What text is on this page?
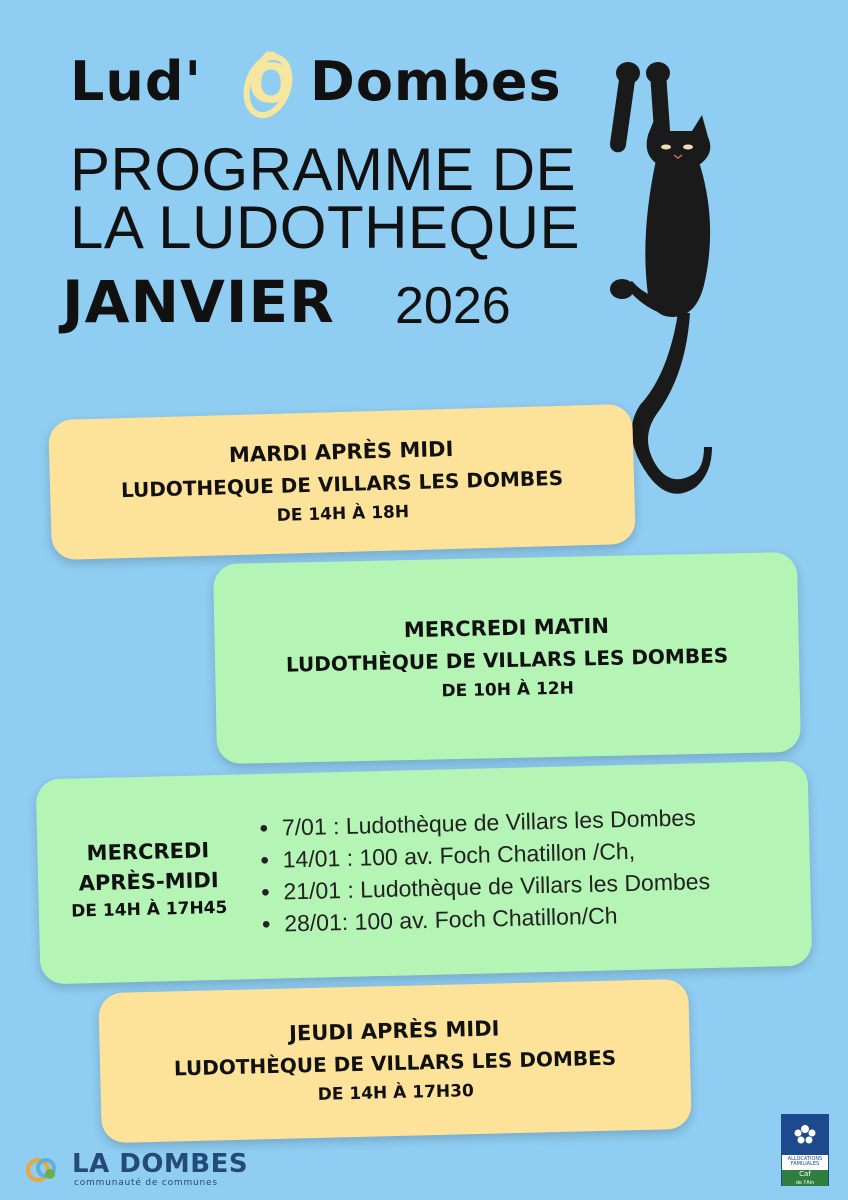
Lud' Ô Dombes
PROGRAMME DE
LA LUDOTHEQUE
JANVIER 2026
MARDI APRÈS MIDI
LUDOTHEQUE DE VILLARS LES DOMBES
DE 14H À 18H
MERCREDI MATIN
LUDOTHÈQUE DE VILLARS LES DOMBES
DE 10H À 12H
MERCREDI
APRÈS-MIDI
DE 14H À 17H45
• 7/01 : Ludothèque de Villars les Dombes
• 14/01 : 100 av. Foch Chatillon /Ch,
• 21/01 : Ludothèque de Villars les Dombes
• 28/01: 100 av. Foch Chatillon/Ch
JEUDI APRÈS MIDI
LUDOTHÈQUE DE VILLARS LES DOMBES
DE 14H À 17H30
LA DOMBES
communauté de communes
ALLOCATIONS FAMILIALES
Caf
de l'Ain
